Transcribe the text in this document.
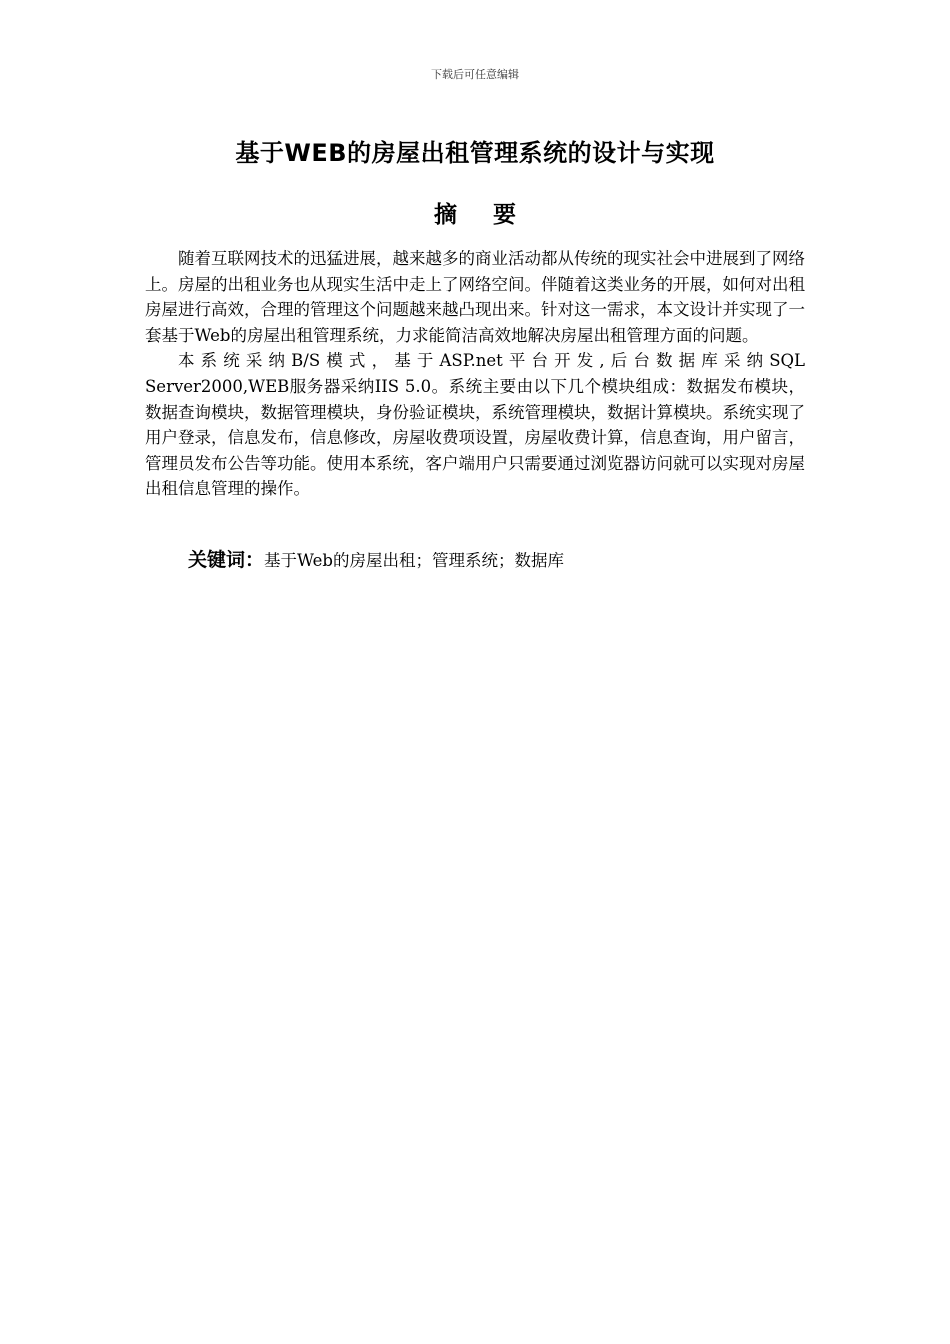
下载后可任意编辑
基于WEB的房屋出租管理系统的设计与实现
摘要

随着互联网技术的迅猛进展，越来越多的商业活动都从传统的现实社会中进展到了网络上。房屋的出租业务也从现实生活中走上了网络空间。伴随着这类业务的开展，如何对出租房屋进行高效，合理的管理这个问题越来越凸现出来。针对这一需求，本文设计并实现了一套基于Web的房屋出租管理系统，力求能简洁高效地解决房屋出租管理方面的问题。

本系统采纳B/S模式，基于ASP.net平台开发,后台数据库采纳SQL Server2000,WEB服务器采纳IIS 5.0。系统主要由以下几个模块组成：数据发布模块，数据查询模块，数据管理模块，身份验证模块，系统管理模块，数据计算模块。系统实现了用户登录，信息发布，信息修改，房屋收费项设置，房屋收费计算，信息查询，用户留言，管理员发布公告等功能。使用本系统，客户端用户只需要通过浏览器访问就可以实现对房屋出租信息管理的操作。

关键词：基于Web的房屋出租；管理系统；数据库
